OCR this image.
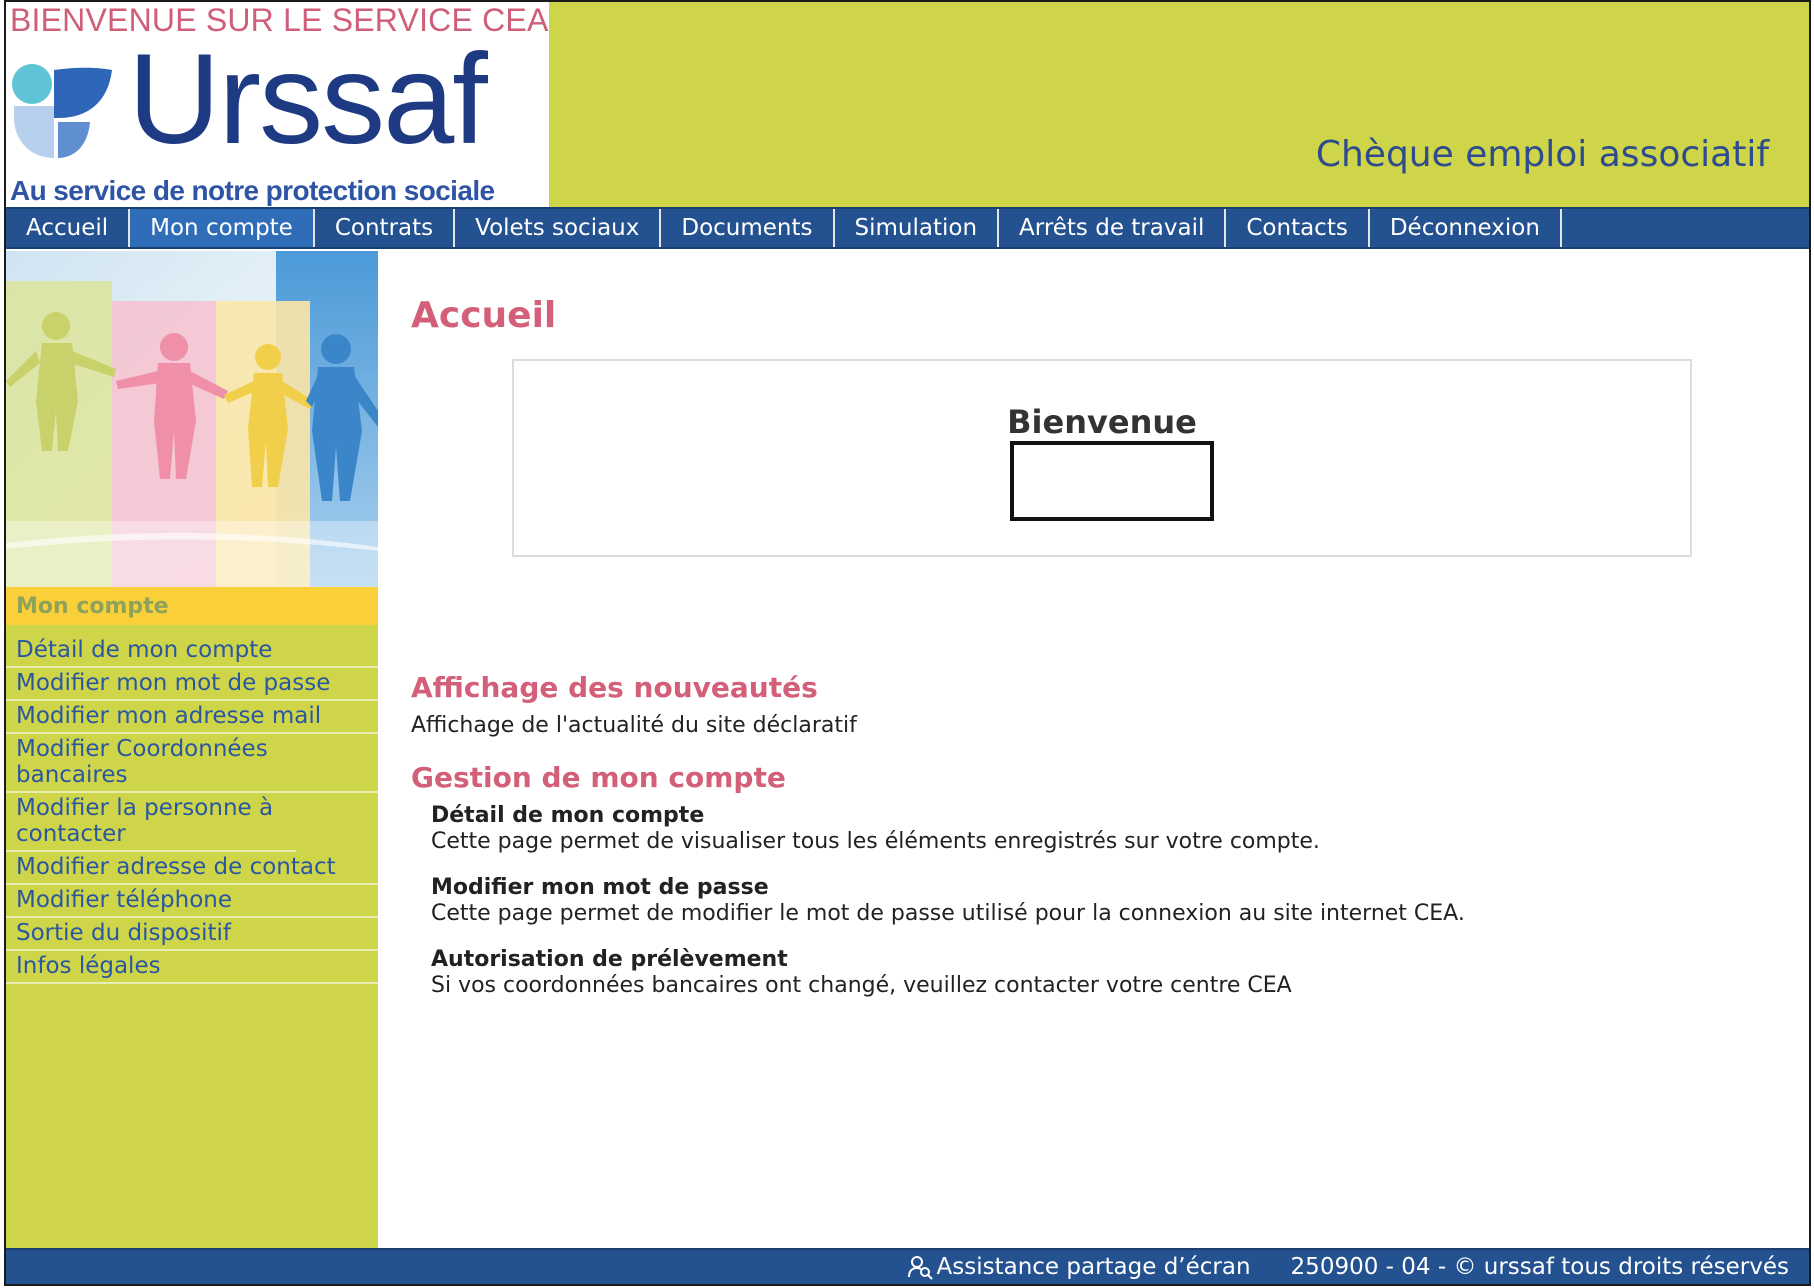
BIENVENUE SUR LE SERVICE CEA
Urssaf
Au service de notre protection sociale
Chèque emploi associatif
Accueil	Mon compte	Contrats	Volets sociaux	Documents	Simulation	Arrêts de travail	Contacts	Déconnexion
Mon compte
Détail de mon compte
Modifier mon mot de passe
Modifier mon adresse mail
Modifier Coordonnées bancaires
Modifier la personne à contacter
Modifier adresse de contact
Modifier téléphone
Sortie du dispositif
Infos légales
Accueil
Bienvenue
Affichage des nouveautés
Affichage de l'actualité du site déclaratif
Gestion de mon compte
Détail de mon compte
Cette page permet de visualiser tous les éléments enregistrés sur votre compte.
Modifier mon mot de passe
Cette page permet de modifier le mot de passe utilisé pour la connexion au site internet CEA.
Autorisation de prélèvement
Si vos coordonnées bancaires ont changé, veuillez contacter votre centre CEA
Assistance partage d’écran 250900 - 04 - © urssaf tous droits réservés
